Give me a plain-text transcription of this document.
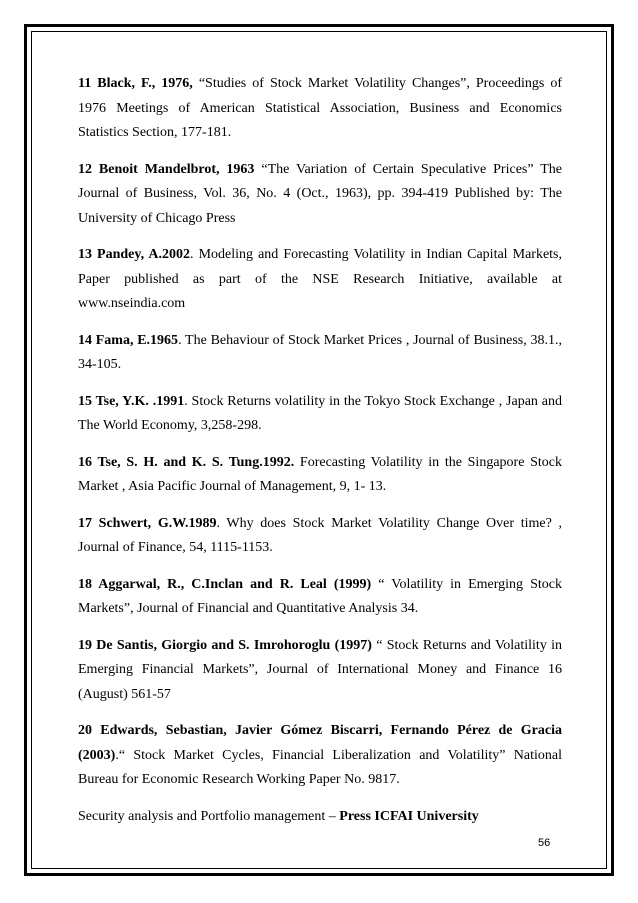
11 Black, F., 1976, “Studies of Stock Market Volatility Changes”, Proceedings of 1976 Meetings of American Statistical Association, Business and Economics Statistics Section, 177-181.

12 Benoit Mandelbrot, 1963 “The Variation of Certain Speculative Prices” The Journal of Business, Vol. 36, No. 4 (Oct., 1963), pp. 394-419 Published by: The University of Chicago Press

13 Pandey, A.2002. Modeling and Forecasting Volatility in Indian Capital Markets, Paper published as part of the NSE Research Initiative, available at www.nseindia.com

14 Fama, E.1965. The Behaviour of Stock Market Prices , Journal of Business, 38.1., 34-105.

15 Tse, Y.K. .1991. Stock Returns volatility in the Tokyo Stock Exchange , Japan and The World Economy, 3,258-298.

16 Tse, S. H. and K. S. Tung.1992. Forecasting Volatility in the Singapore Stock Market , Asia Pacific Journal of Management, 9, 1- 13.

17 Schwert, G.W.1989. Why does Stock Market Volatility Change Over time? , Journal of Finance, 54, 1115-1153.

18 Aggarwal, R., C.Inclan and R. Leal (1999) “ Volatility in Emerging Stock Markets”, Journal of Financial and Quantitative Analysis 34.

19 De Santis, Giorgio and S. Imrohoroglu (1997) “ Stock Returns and Volatility in Emerging Financial Markets”, Journal of International Money and Finance 16 (August) 561-57

20 Edwards, Sebastian, Javier Gómez Biscarri, Fernando Pérez de Gracia (2003).“ Stock Market Cycles, Financial Liberalization and Volatility” National Bureau for Economic Research Working Paper No. 9817.

Security analysis and Portfolio management – Press ICFAI University

56
